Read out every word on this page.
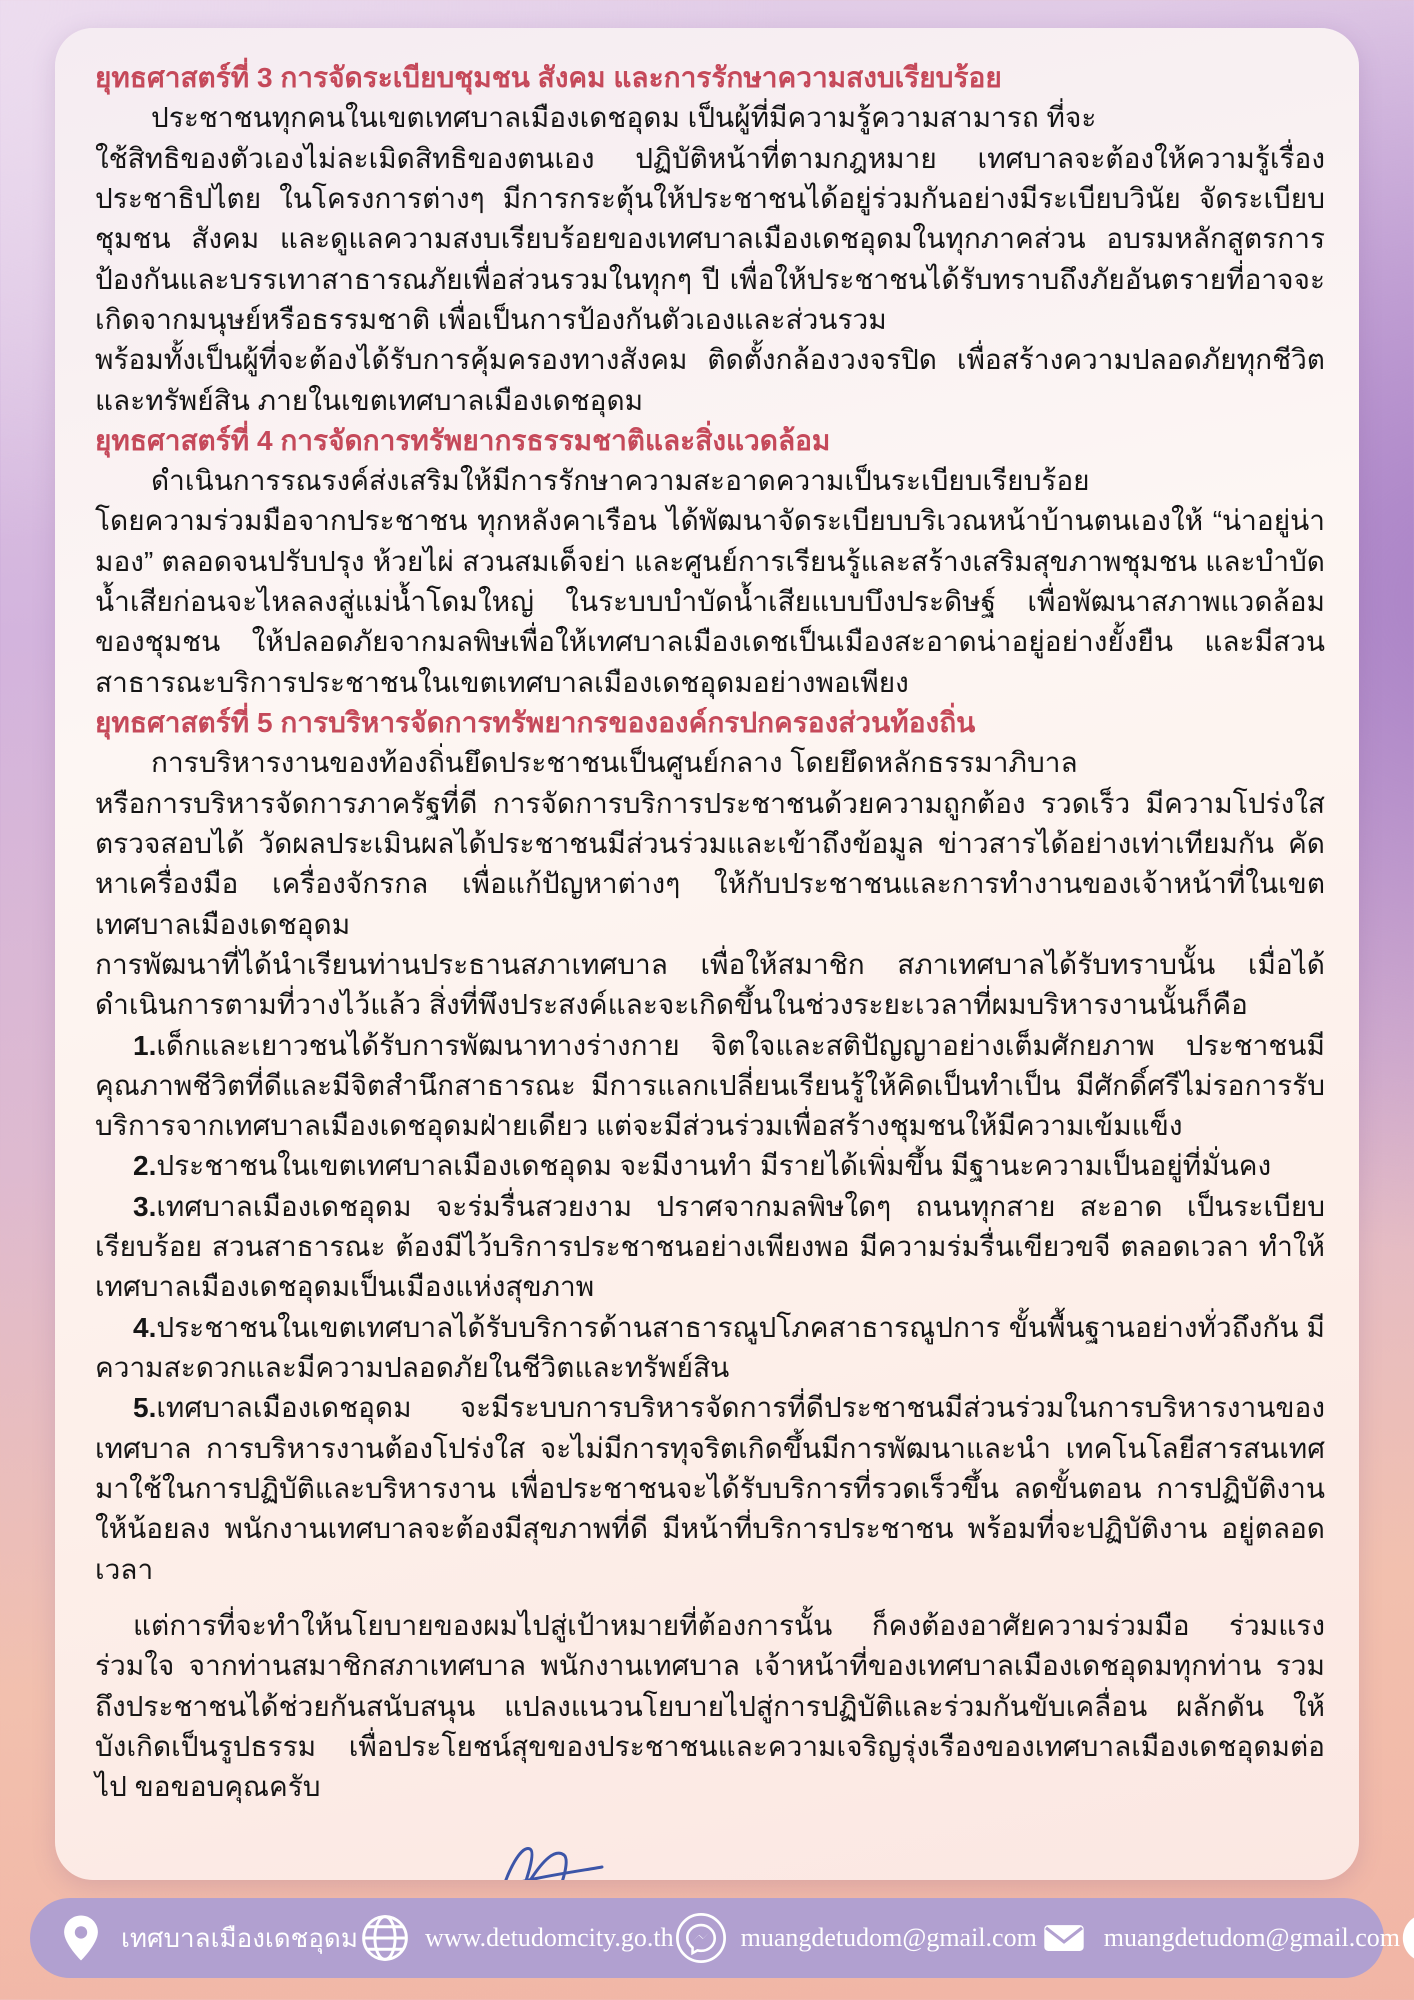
ยุทธศาสตร์ที่ 3 การจัดระเบียบชุมชน สังคม และการรักษาความสงบเรียบร้อย

ประชาชนทุกคนในเขตเทศบาลเมืองเดชอุดม เป็นผู้ที่มีความรู้ความสามารถ ที่จะ

ใช้สิทธิของตัวเองไม่ละเมิดสิทธิของตนเอง ปฏิบัติหน้าที่ตามกฎหมาย เทศบาลจะต้องให้ความรู้เรื่องประชาธิปไตย ในโครงการต่างๆ มีการกระตุ้นให้ประชาชนได้อยู่ร่วมกันอย่างมีระเบียบวินัย จัดระเบียบชุมชน สังคม และดูแลความสงบเรียบร้อยของเทศบาลเมืองเดชอุดมในทุกภาคส่วน อบรมหลักสูตรการป้องกันและบรรเทาสาธารณภัยเพื่อส่วนรวมในทุกๆ ปี เพื่อให้ประชาชนได้รับทราบถึงภัยอันตรายที่อาจจะเกิดจากมนุษย์หรือธรรมชาติ เพื่อเป็นการป้องกันตัวเองและส่วนรวม

พร้อมทั้งเป็นผู้ที่จะต้องได้รับการคุ้มครองทางสังคม ติดตั้งกล้องวงจรปิด เพื่อสร้างความปลอดภัยทุกชีวิตและทรัพย์สิน ภายในเขตเทศบาลเมืองเดชอุดม

ยุทธศาสตร์ที่ 4 การจัดการทรัพยากรธรรมชาติและสิ่งแวดล้อม

ดำเนินการรณรงค์ส่งเสริมให้มีการรักษาความสะอาดความเป็นระเบียบเรียบร้อย

โดยความร่วมมือจากประชาชน ทุกหลังคาเรือน ได้พัฒนาจัดระเบียบบริเวณหน้าบ้านตนเองให้ “น่าอยู่น่ามอง” ตลอดจนปรับปรุง ห้วยไผ่ สวนสมเด็จย่า และศูนย์การเรียนรู้และสร้างเสริมสุขภาพชุมชน และบำบัดน้ำเสียก่อนจะไหลลงสู่แม่น้ำโดมใหญ่ ในระบบบำบัดน้ำเสียแบบบึงประดิษฐ์ เพื่อพัฒนาสภาพแวดล้อมของชุมชน ให้ปลอดภัยจากมลพิษเพื่อให้เทศบาลเมืองเดชเป็นเมืองสะอาดน่าอยู่อย่างยั้งยืน และมีสวนสาธารณะบริการประชาชนในเขตเทศบาลเมืองเดชอุดมอย่างพอเพียง

ยุทธศาสตร์ที่ 5 การบริหารจัดการทรัพยากรขององค์กรปกครองส่วนท้องถิ่น

การบริหารงานของท้องถิ่นยึดประชาชนเป็นศูนย์กลาง โดยยึดหลักธรรมาภิบาล

หรือการบริหารจัดการภาครัฐที่ดี การจัดการบริการประชาชนด้วยความถูกต้อง รวดเร็ว มีความโปร่งใส ตรวจสอบได้ วัดผลประเมินผลได้ประชาชนมีส่วนร่วมและเข้าถึงข้อมูล ข่าวสารได้อย่างเท่าเทียมกัน คัดหาเครื่องมือ เครื่องจักรกล เพื่อแก้ปัญหาต่างๆ ให้กับประชาชนและการทำงานของเจ้าหน้าที่ในเขตเทศบาลเมืองเดชอุดม

การพัฒนาที่ได้นำเรียนท่านประธานสภาเทศบาล เพื่อให้สมาชิก สภาเทศบาลได้รับทราบนั้น เมื่อได้ดำเนินการตามที่วางไว้แล้ว สิ่งที่พึงประสงค์และจะเกิดขึ้นในช่วงระยะเวลาที่ผมบริหารงานนั้นก็คือ

1.เด็กและเยาวชนได้รับการพัฒนาทางร่างกาย จิตใจและสติปัญญาอย่างเต็มศักยภาพ ประชาชนมีคุณภาพชีวิตที่ดีและมีจิตสำนึกสาธารณะ มีการแลกเปลี่ยนเรียนรู้ให้คิดเป็นทำเป็น มีศักดิ์ศรีไม่รอการรับบริการจากเทศบาลเมืองเดชอุดมฝ่ายเดียว แต่จะมีส่วนร่วมเพื่อสร้างชุมชนให้มีความเข้มแข็ง

2.ประชาชนในเขตเทศบาลเมืองเดชอุดม จะมีงานทำ มีรายได้เพิ่มขึ้น มีฐานะความเป็นอยู่ที่มั่นคง

3.เทศบาลเมืองเดชอุดม จะร่มรื่นสวยงาม ปราศจากมลพิษใดๆ ถนนทุกสาย สะอาด เป็นระเบียบเรียบร้อย สวนสาธารณะ ต้องมีไว้บริการประชาชนอย่างเพียงพอ มีความร่มรื่นเขียวขจี ตลอดเวลา ทำให้เทศบาลเมืองเดชอุดมเป็นเมืองแห่งสุขภาพ

4.ประชาชนในเขตเทศบาลได้รับบริการด้านสาธารณูปโภคสาธารณูปการ ขั้นพื้นฐานอย่างทั่วถึงกัน มีความสะดวกและมีความปลอดภัยในชีวิตและทรัพย์สิน

5.เทศบาลเมืองเดชอุดม จะมีระบบการบริหารจัดการที่ดีประชาชนมีส่วนร่วมในการบริหารงานของเทศบาล การบริหารงานต้องโปร่งใส จะไม่มีการทุจริตเกิดขึ้นมีการพัฒนาและนำ เทคโนโลยีสารสนเทศมาใช้ในการปฏิบัติและบริหารงาน เพื่อประชาชนจะได้รับบริการที่รวดเร็วขึ้น ลดขั้นตอน การปฏิบัติงานให้น้อยลง พนักงานเทศบาลจะต้องมีสุขภาพที่ดี มีหน้าที่บริการประชาชน พร้อมที่จะปฏิบัติงาน อยู่ตลอดเวลา

แต่การที่จะทำให้นโยบายของผมไปสู่เป้าหมายที่ต้องการนั้น ก็คงต้องอาศัยความร่วมมือ ร่วมแรง ร่วมใจ จากท่านสมาชิกสภาเทศบาล พนักงานเทศบาล เจ้าหน้าที่ของเทศบาลเมืองเดชอุดมทุกท่าน รวมถึงประชาชนได้ช่วยกันสนับสนุน แปลงแนวนโยบายไปสู่การปฏิบัติและร่วมกันขับเคลื่อน ผลักดัน ให้บังเกิดเป็นรูปธรรม เพื่อประโยชน์สุขของประชาชนและความเจริญรุ่งเรืองของเทศบาลเมืองเดชอุดมต่อไป ขอขอบคุณครับ

เทศบาลเมืองเดชอุดม	www.detudomcity.go.th	muangdetudom@gmail.com	muangdetudom@gmail.com
